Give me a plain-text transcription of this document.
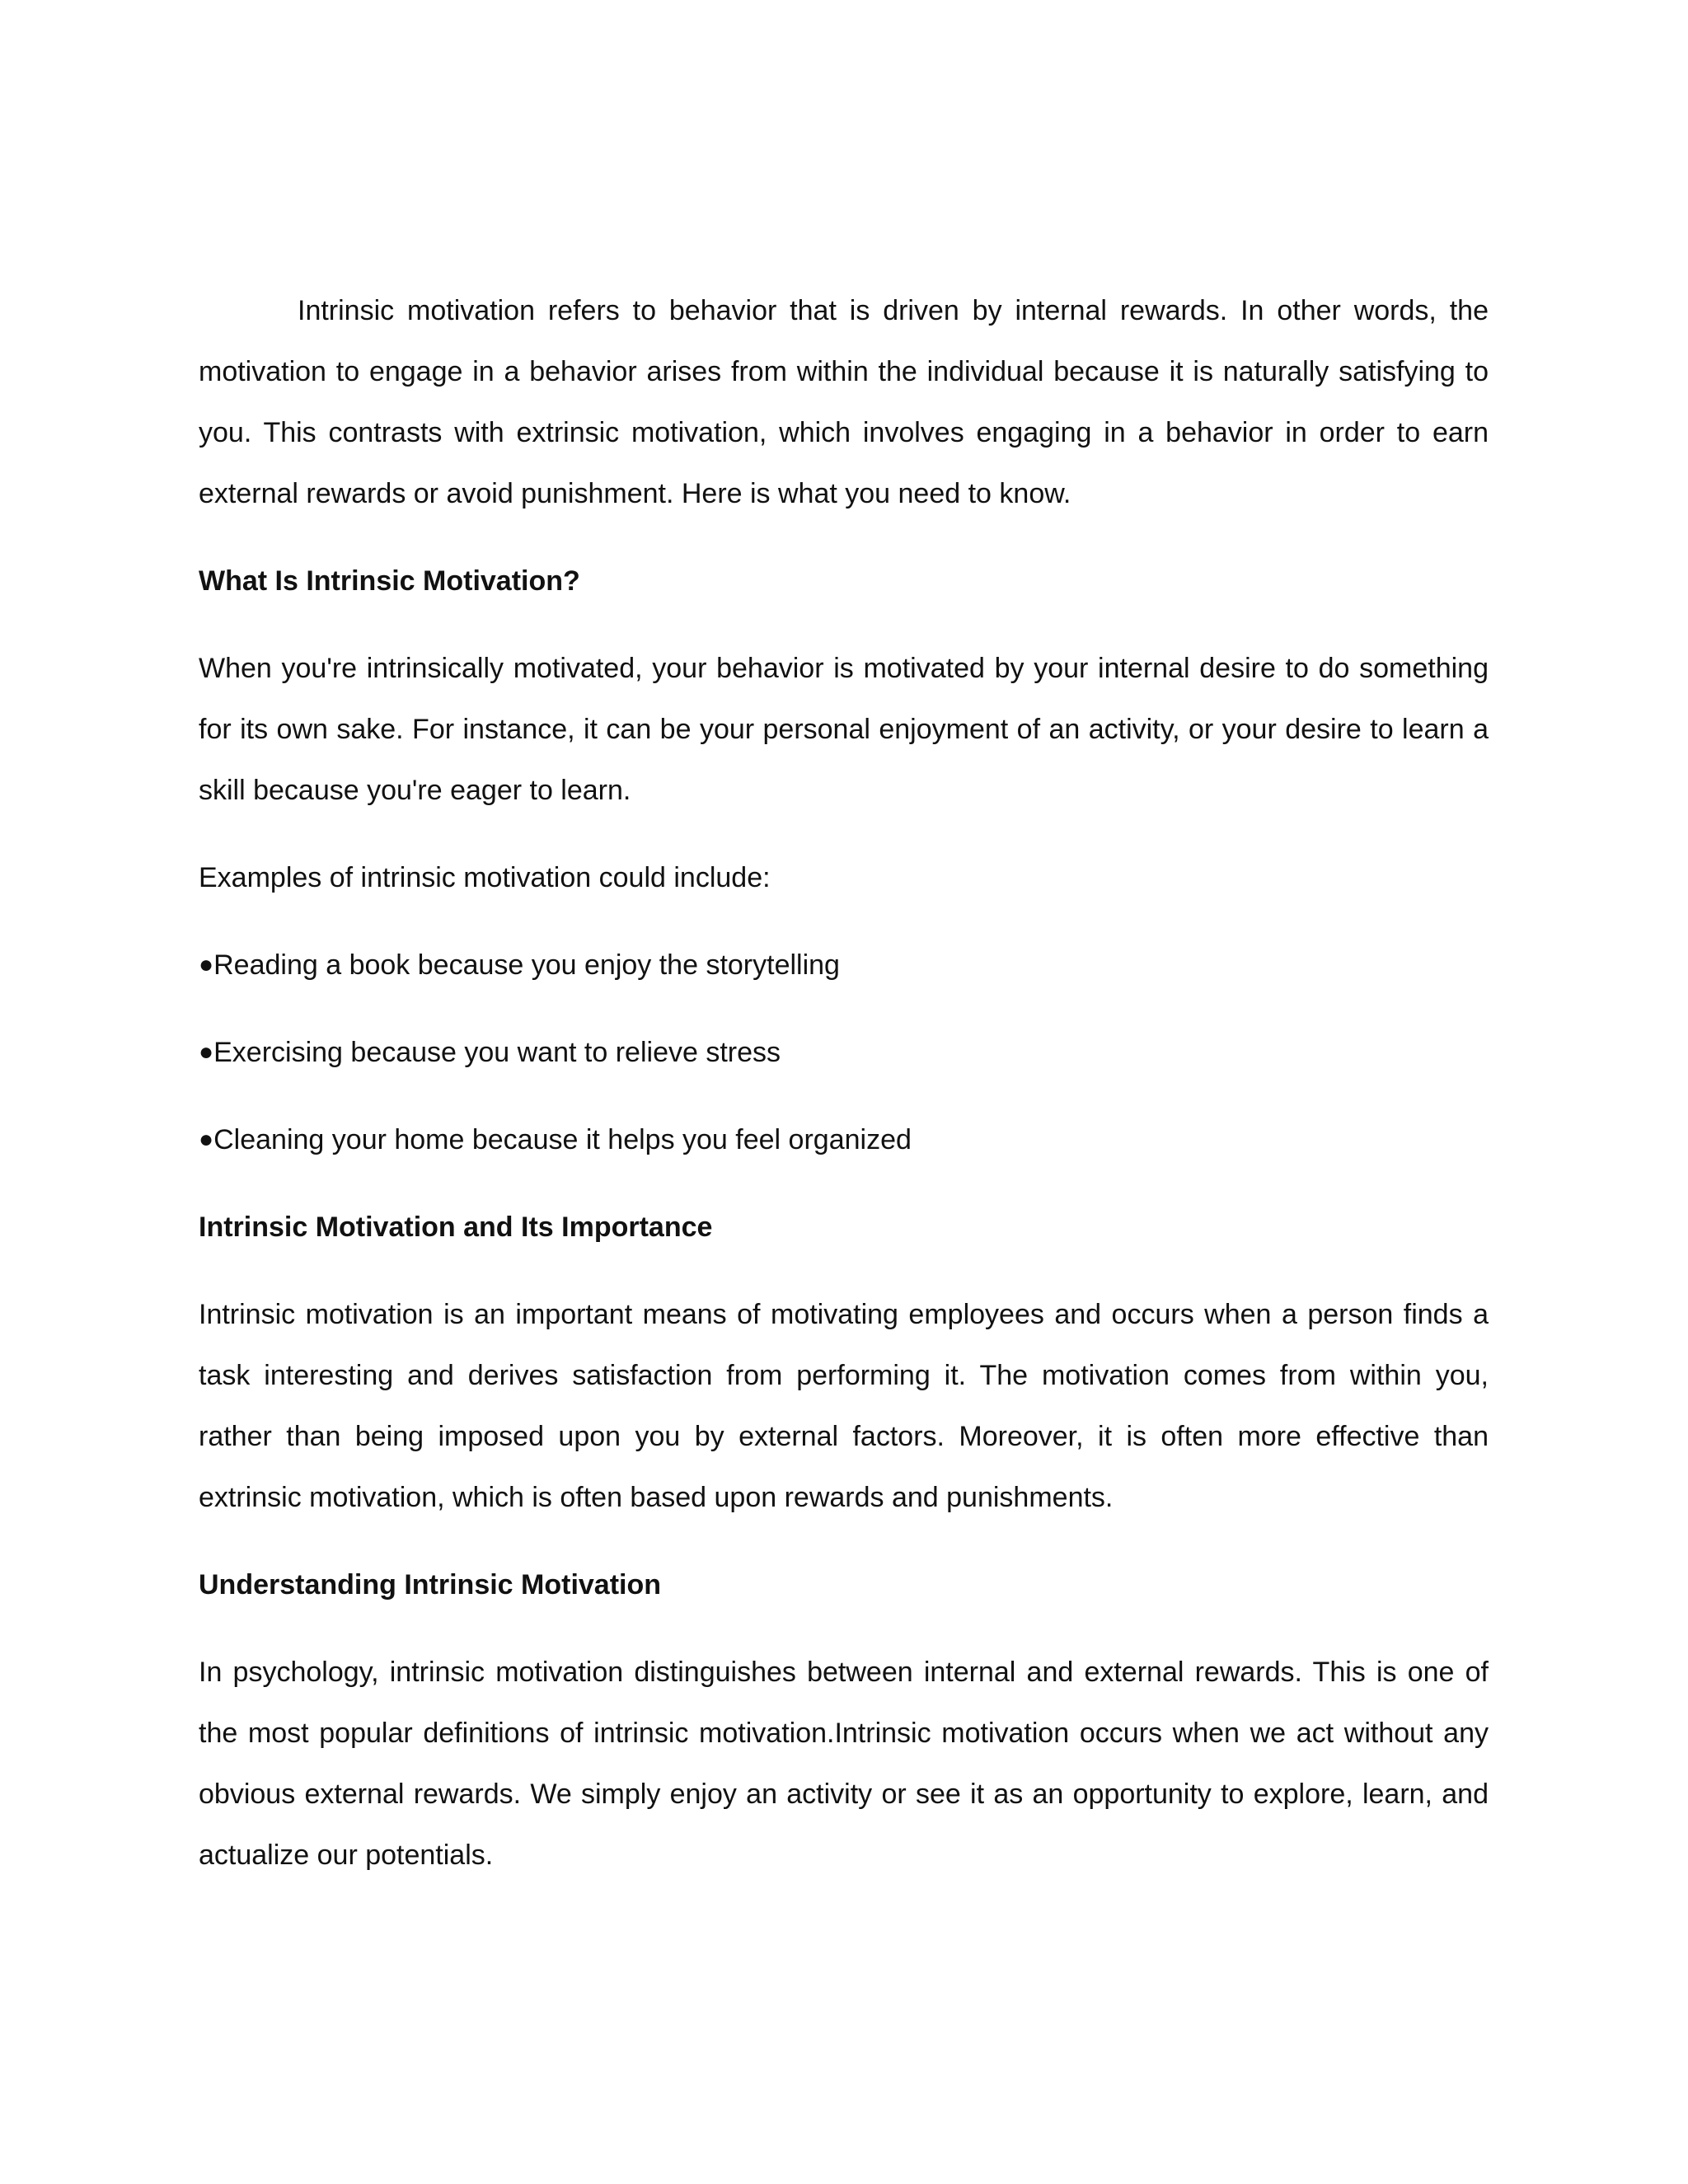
Intrinsic motivation refers to behavior that is driven by internal rewards. In other words, the motivation to engage in a behavior arises from within the individual because it is naturally satisfying to you. This contrasts with extrinsic motivation, which involves engaging in a behavior in order to earn external rewards or avoid punishment. Here is what you need to know.

What Is Intrinsic Motivation?

When you're intrinsically motivated, your behavior is motivated by your internal desire to do something for its own sake. For instance, it can be your personal enjoyment of an activity, or your desire to learn a skill because you're eager to learn.

Examples of intrinsic motivation could include:

●Reading a book because you enjoy the storytelling
●Exercising because you want to relieve stress
●Cleaning your home because it helps you feel organized

Intrinsic Motivation and Its Importance

Intrinsic motivation is an important means of motivating employees and occurs when a person finds a task interesting and derives satisfaction from performing it. The motivation comes from within you, rather than being imposed upon you by external factors. Moreover, it is often more effective than extrinsic motivation, which is often based upon rewards and punishments.

Understanding Intrinsic Motivation

In psychology, intrinsic motivation distinguishes between internal and external rewards. This is one of the most popular definitions of intrinsic motivation.Intrinsic motivation occurs when we act without any obvious external rewards. We simply enjoy an activity or see it as an opportunity to explore, learn, and actualize our potentials.
